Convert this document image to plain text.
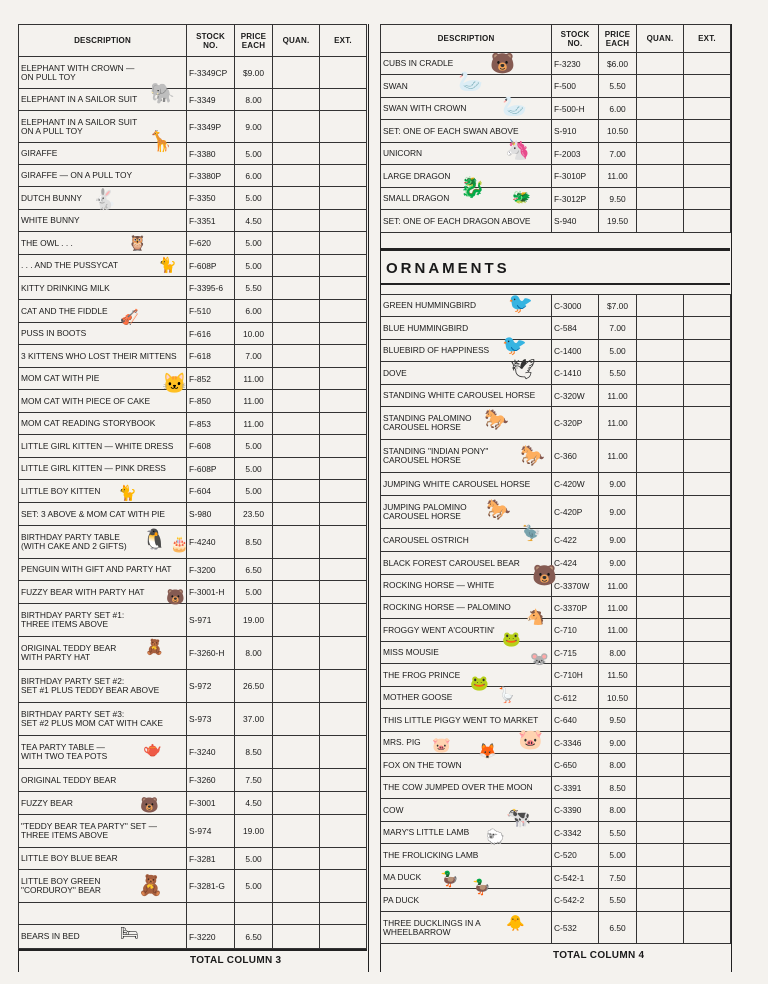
DESCRIPTION	STOCK NO.	PRICE EACH	QUAN.	EXT.

ELEPHANT WITH CROWN —
ON PULL TOY	F-3349CP	$9.00		
ELEPHANT IN A SAILOR SUIT	F-3349	8.00		

ELEPHANT IN A SAILOR SUIT
ON A PULL TOY	F-3349P	9.00		
GIRAFFE	F-3380	5.00		
GIRAFFE — ON A PULL TOY	F-3380P	6.00		
DUTCH BUNNY	F-3350	5.00		
WHITE BUNNY	F-3351	4.50		
THE OWL . . .	F-620	5.00		
. . . AND THE PUSSYCAT	F-608P	5.00		
KITTY DRINKING MILK	F-3395-6	5.50		
CAT AND THE FIDDLE	F-510	6.00		
PUSS IN BOOTS	F-616	10.00		
3 KITTENS WHO LOST THEIR MITTENS	F-618	7.00		
MOM CAT WITH PIE	F-852	11.00		
MOM CAT WITH PIECE OF CAKE	F-850	11.00		
MOM CAT READING STORYBOOK	F-853	11.00		
LITTLE GIRL KITTEN — WHITE DRESS	F-608	5.00		
LITTLE GIRL KITTEN — PINK DRESS	F-608P	5.00		
LITTLE BOY KITTEN	F-604	5.00		
SET: 3 ABOVE & MOM CAT WITH PIE	S-980	23.50		

BIRTHDAY PARTY TABLE
(WITH CAKE AND 2 GIFTS)	F-4240	8.50		
PENGUIN WITH GIFT AND PARTY HAT	F-3200	6.50		
FUZZY BEAR WITH PARTY HAT	F-3001-H	5.00		

BIRTHDAY PARTY SET #1:
THREE ITEMS ABOVE	S-971	19.00		

ORIGINAL TEDDY BEAR
WITH PARTY HAT	F-3260-H	8.00		

BIRTHDAY PARTY SET #2:
SET #1 PLUS TEDDY BEAR ABOVE	S-972	26.50		

BIRTHDAY PARTY SET #3:
SET #2 PLUS MOM CAT WITH CAKE	S-973	37.00		

TEA PARTY TABLE —
WITH TWO TEA POTS	F-3240	8.50		
ORIGINAL TEDDY BEAR	F-3260	7.50		
FUZZY BEAR	F-3001	4.50		

"TEDDY BEAR TEA PARTY" SET —
THREE ITEMS ABOVE	S-974	19.00		
LITTLE BOY BLUE BEAR	F-3281	5.00		

LITTLE BOY GREEN
"CORDUROY" BEAR	F-3281-G	5.00		

BEARS IN BED	F-3220	6.50		
DESCRIPTION	STOCK NO.	PRICE EACH	QUAN.	EXT.
CUBS IN CRADLE	F-3230	$6.00		
SWAN	F-500	5.50		
SWAN WITH CROWN	F-500-H	6.00		
SET: ONE OF EACH SWAN ABOVE	S-910	10.50		
UNICORN	F-2003	7.00		
LARGE DRAGON	F-3010P	11.00		
SMALL DRAGON	F-3012P	9.50		
SET: ONE OF EACH DRAGON ABOVE	S-940	19.50		
ORNAMENTS
GREEN HUMMINGBIRD	C-3000	$7.00		
BLUE HUMMINGBIRD	C-584	7.00		
BLUEBIRD OF HAPPINESS	C-1400	5.00		
DOVE	C-1410	5.50		
STANDING WHITE CAROUSEL HORSE	C-320W	11.00		

STANDING PALOMINO
CAROUSEL HORSE	C-320P	11.00		

STANDING "INDIAN PONY"
CAROUSEL HORSE	C-360	11.00		
JUMPING WHITE CAROUSEL HORSE	C-420W	9.00		

JUMPING PALOMINO
CAROUSEL HORSE	C-420P	9.00		
CAROUSEL OSTRICH	C-422	9.00		
BLACK FOREST CAROUSEL BEAR	C-424	9.00		
ROCKING HORSE — WHITE	C-3370W	11.00		
ROCKING HORSE — PALOMINO	C-3370P	11.00		
FROGGY WENT A'COURTIN'	C-710	11.00		
MISS MOUSIE	C-715	8.00		
THE FROG PRINCE	C-710H	11.50		
MOTHER GOOSE	C-612	10.50		
THIS LITTLE PIGGY WENT TO MARKET	C-640	9.50		
MRS. PIG	C-3346	9.00		
FOX ON THE TOWN	C-650	8.00		
THE COW JUMPED OVER THE MOON	C-3391	8.50		
COW	C-3390	8.00		
MARY'S LITTLE LAMB	C-3342	5.50		
THE FROLICKING LAMB	C-520	5.00		
MA DUCK	C-542-1	7.50		
PA DUCK	C-542-2	5.50		

THREE DUCKLINGS IN A
WHEELBARROW	C-532	6.50		
TOTAL COLUMN 3	TOTAL COLUMN 4
🐘
🦒
🐇
🦉
🐈
🎻
🐱
🐈
🐧 🎂
🐻
🧸
🫖
🐻
🧸
🛏
🐻
🦢
🦢
🦄
🐉 🐲
🐦
🐦
🕊
🐎
🐎
🐎
🦤
🐻
🐴
🐸
🐭
🐸
🪿
🐷 🦊
🐷
🐄
🐑
🦆 🦆
🐥
